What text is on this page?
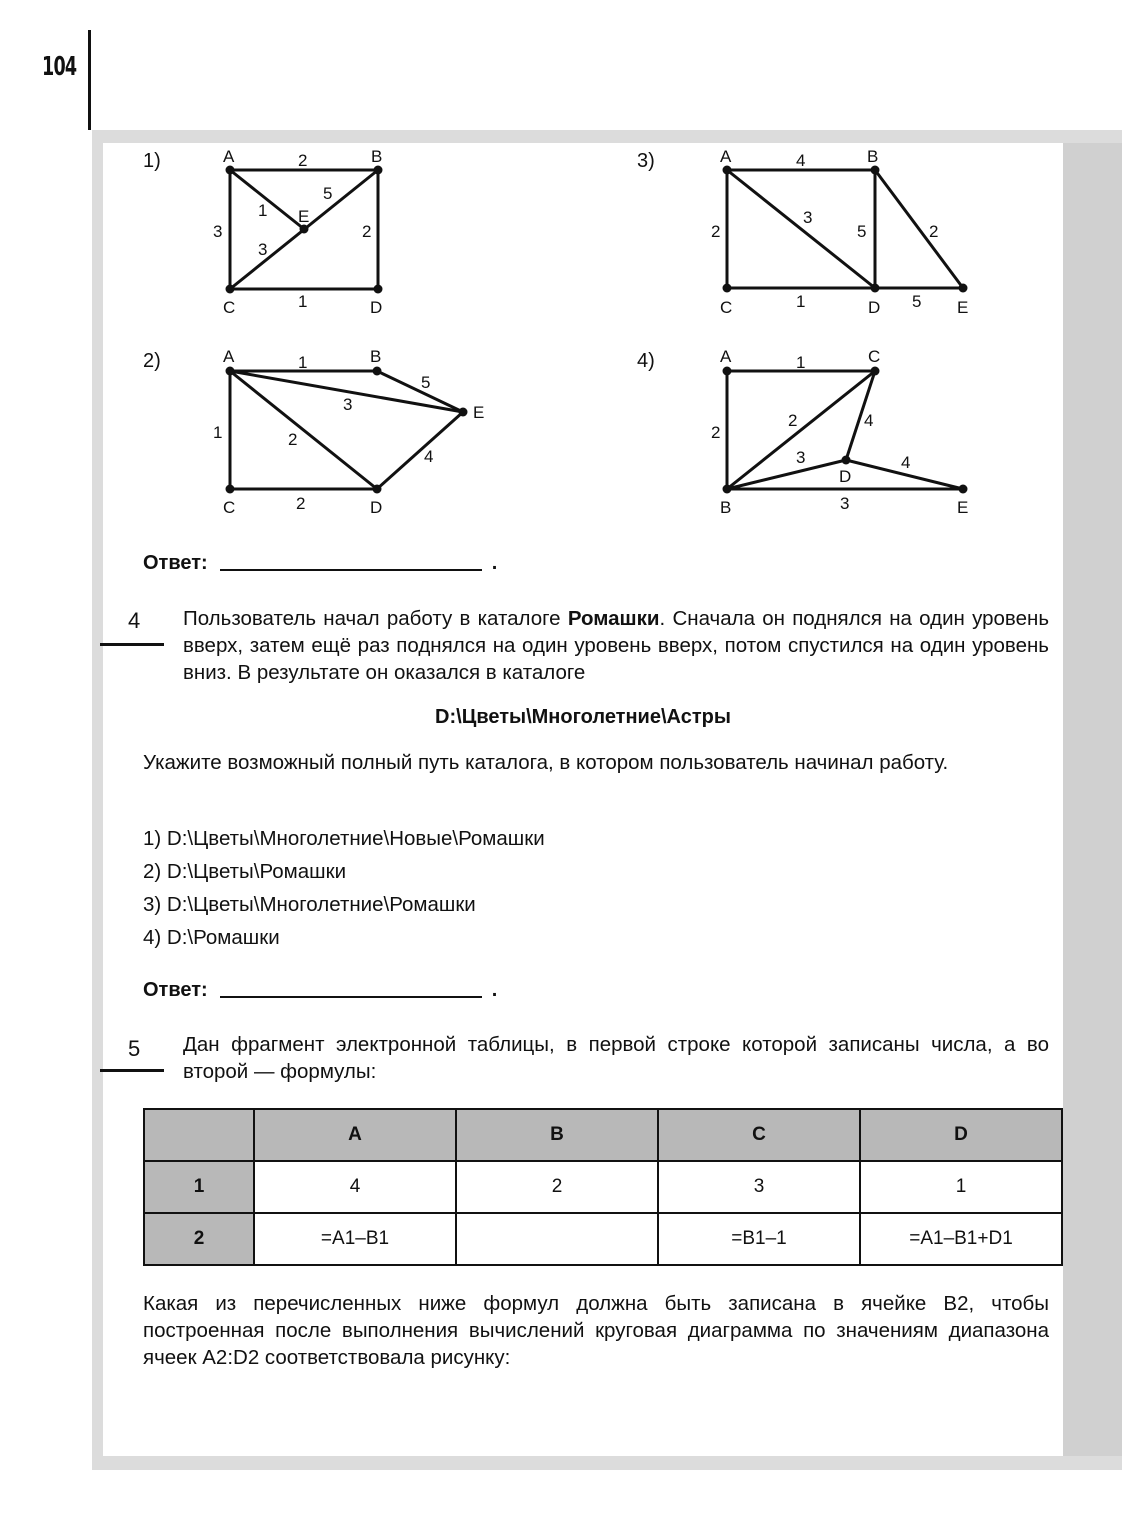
104
1)	A	B
C	D
E
2
1
5
3
3
2
1
A	B
C	D
E
1
5
3
1	2
2
4
A	B
C	D	E
4
3
5	2
2
1	5
A	C
B
D
E
1
2
2	4
3	4
3
2)
3)
4)
Ответ:	.
4 Пользователь начал работу в каталоге Ромашки. Сначала он поднялся на один уровень вверх, затем ещё раз поднялся на один уровень вверх, потом спустился на один уровень вниз. В результате он оказался в каталоге
D:\Цветы\Многолетние\Астры
Укажите возможный полный путь каталога, в котором пользователь начинал работу.
1) D:\Цветы\Многолетние\Новые\Ромашки
2) D:\Цветы\Ромашки
3) D:\Цветы\Многолетние\Ромашки
4) D:\Ромашки
Ответ:	.
5 Дан фрагмент электронной таблицы, в первой строке которой записаны числа, а во второй — формулы:
	A	B	C	D
1	4	2	3	1
2	=A1–B1		=B1–1	=A1–B1+D1
Какая из перечисленных ниже формул должна быть записана в ячейке B2, чтобы построенная после выполнения вычислений круговая диаграмма по значениям диапазона ячеек A2:D2 соответствовала рисунку:
